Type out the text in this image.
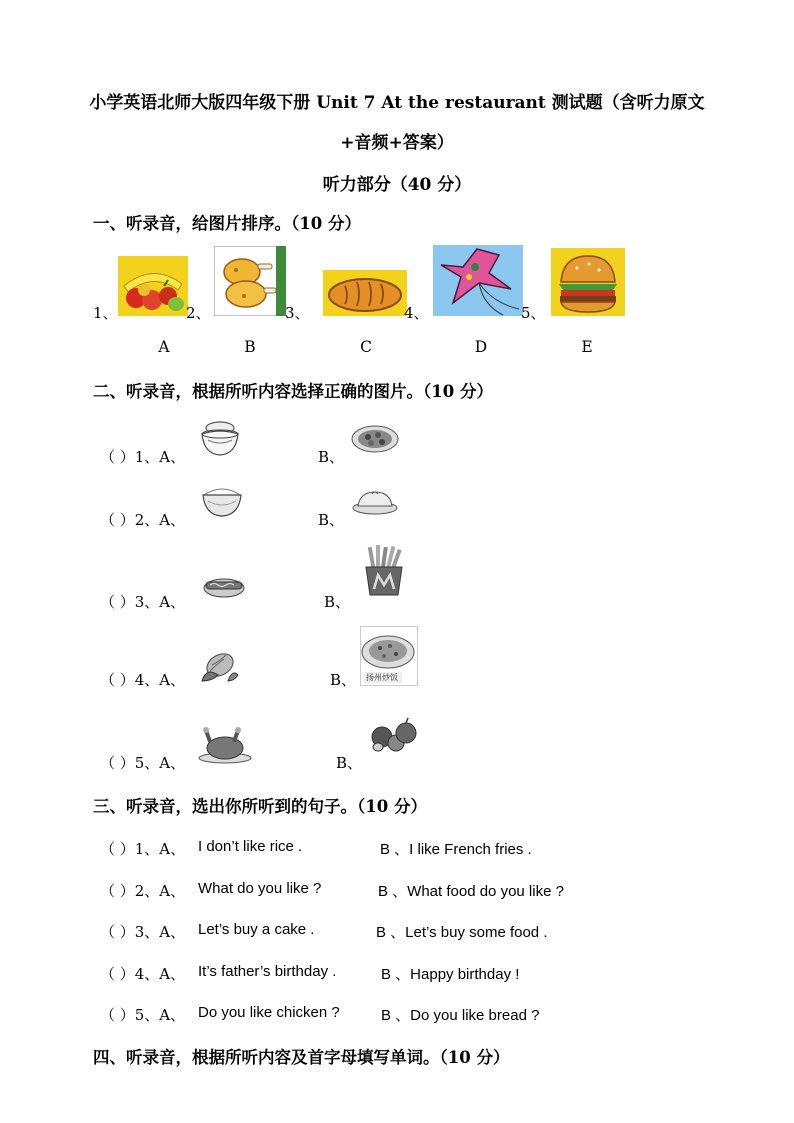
小学英语北师大版四年级下册 Unit 7 At the restaurant 测试题（含听力原文
+音频+答案）
听力部分（40 分）
一、听录音，给图片排序。（10 分）
1、	2、	3、	4、	5、
A	B	C	D	E
二、听录音，根据所听内容选择正确的图片。（10 分）
（ ）1、A、	B、
（ ）2、A、	B、
（ ）3、A、	B、
（ ）4、A、	B、 扬州炒饭
（ ）5、A、	B、
三、听录音，选出你所听到的句子。（10 分）
（ ）1、A、 I don’t like rice .	B 、I like French fries .
（ ）2、A、 What do you like ?	B 、What food do you like ?
（ ）3、A、 Let’s buy a cake .	B 、Let’s buy some food .
（ ）4、A、 It’s father’s birthday .	B 、Happy birthday !
（ ）5、A、 Do you like chicken ?	B 、Do you like bread ?
四、听录音，根据所听内容及首字母填写单词。（10 分）
